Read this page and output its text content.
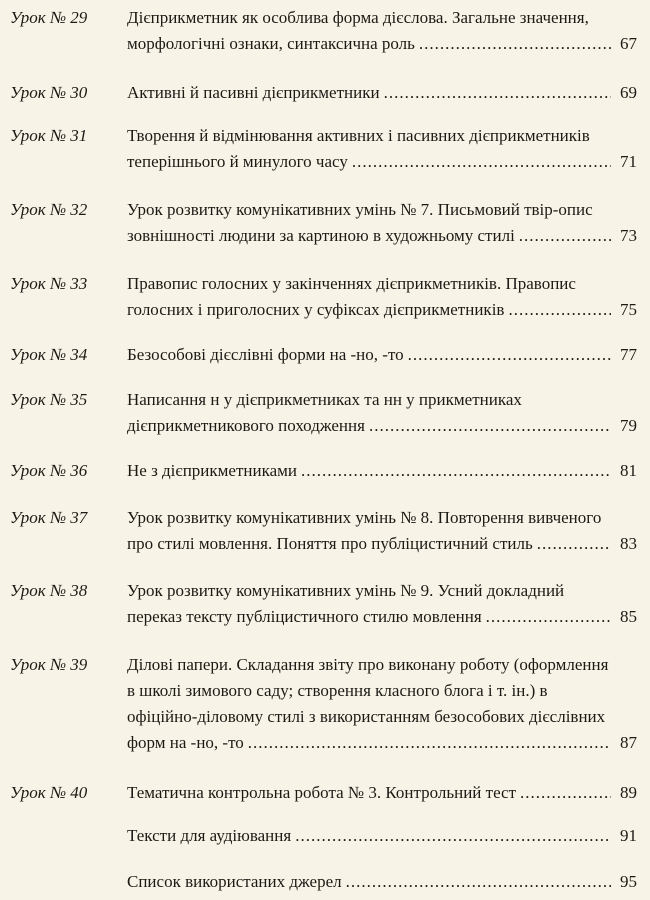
Урок № 29 Дієприкметник як особлива форма дієслова. Загальне значення,
морфологічні ознаки, синтаксична роль .....	67
Урок № 30 Активні й пасивні дієприкметники .....	69
Урок № 31 Творення й відмінювання активних і пасивних дієприкметників
теперішнього й минулого часу .....	71
Урок № 32 Урок розвитку комунікативних умінь № 7. Письмовий твір-опис
зовнішності людини за картиною в художньому стилі .....	73
Урок № 33 Правопис голосних у закінченнях дієприкметників. Правопис
голосних і приголосних у суфіксах дієприкметників .....	75
Урок № 34 Безособові дієслівні форми на -но, -то .....	77
Урок № 35 Написання н у дієприкметниках та нн у прикметниках
дієприкметникового походження .....	79
Урок № 36 Не з дієприкметниками .....	81
Урок № 37 Урок розвитку комунікативних умінь № 8. Повторення вивченого
про стилі мовлення. Поняття про публіцистичний стиль .....	83
Урок № 38 Урок розвитку комунікативних умінь № 9. Усний докладний
переказ тексту публіцистичного стилю мовлення .....	85
Урок № 39 Ділові папери. Складання звіту про виконану роботу (оформлення
в школі зимового саду; створення класного блога і т. ін.) в
офіційно-діловому стилі з використанням безособових дієслівних
форм на -но, -то .....	87
Урок № 40 Тематична контрольна робота № 3. Контрольний тест .....	89
Тексти для аудіювання .....	91
Список використаних джерел .....	95
